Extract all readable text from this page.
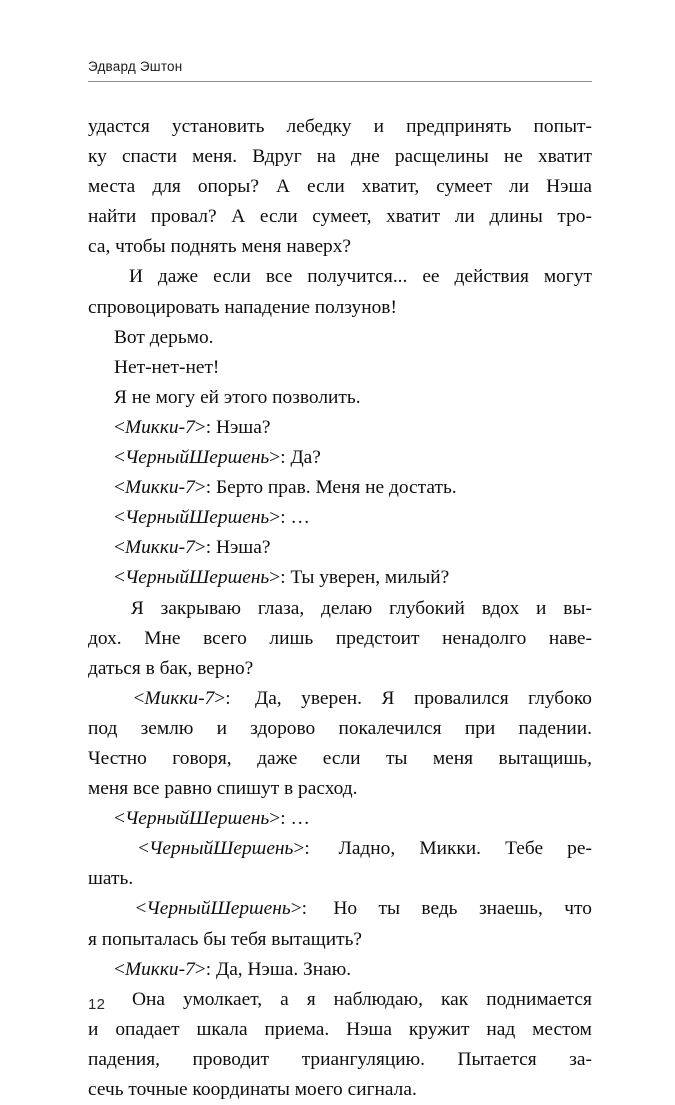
Эдвард Эштон

удастся установить лебедку и предпринять попыт-
ку спасти меня. Вдруг на дне расщелины не хватит
места для опоры? А если хватит, сумеет ли Нэша
найти провал? А если сумеет, хватит ли длины тро-
са, чтобы поднять меня наверх?

И даже если все получится... ее действия могут
спровоцировать нападение ползунов!

Вот дерьмо.

Нет-нет-нет!

Я не могу ей этого позволить.

<Микки-7>: Нэша?

<ЧерныйШершень>: Да?

<Микки-7>: Берто прав. Меня не достать.

<ЧерныйШершень>: …

<Микки-7>: Нэша?

<ЧерныйШершень>: Ты уверен, милый?

Я закрываю глаза, делаю глубокий вдох и вы-
дох. Мне всего лишь предстоит ненадолго наве-
даться в бак, верно?

<Микки-7>: Да, уверен. Я провалился глубоко
под землю и здорово покалечился при падении.
Честно говоря, даже если ты меня вытащишь,
меня все равно спишут в расход.

<ЧерныйШершень>: …

<ЧерныйШершень>: Ладно, Микки. Тебе ре-
шать.

<ЧерныйШершень>: Но ты ведь знаешь, что
я попыталась бы тебя вытащить?

<Микки-7>: Да, Нэша. Знаю.

Она умолкает, а я наблюдаю, как поднимается
и опадает шкала приема. Нэша кружит над местом
падения, проводит триангуляцию. Пытается за-
сечь точные координаты моего сигнала.

12
